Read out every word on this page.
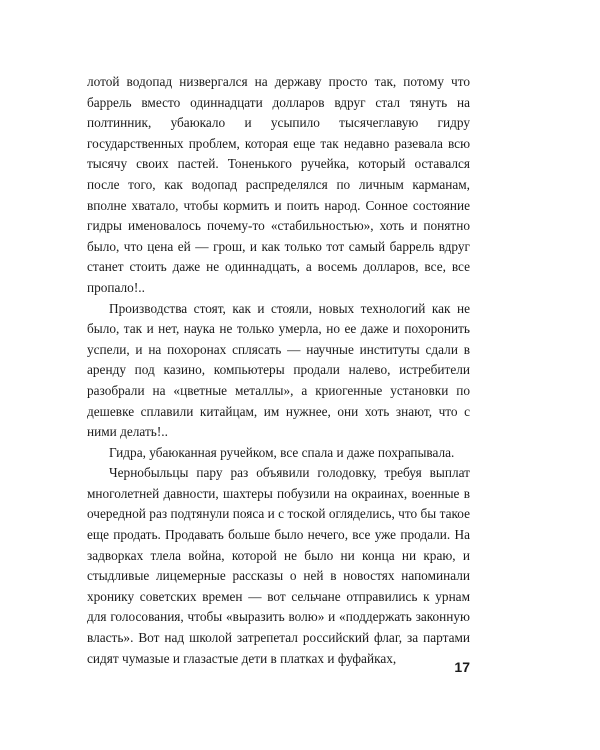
лотой водопад низвергался на державу просто так, потому что баррель вместо одиннадцати долларов вдруг стал тянуть на полтинник, убаюкало и усыпило тысячеглавую гидру государственных проблем, которая еще так недавно разевала всю тысячу своих пастей. Тоненького ручейка, который оставался после того, как водопад распределялся по личным карманам, вполне хватало, чтобы кормить и поить народ. Сонное состояние гидры именовалось почему-то «стабильностью», хоть и понятно было, что цена ей — грош, и как только тот самый баррель вдруг станет стоить даже не одиннадцать, а восемь долларов, все, все пропало!..

Производства стоят, как и стояли, новых технологий как не было, так и нет, наука не только умерла, но ее даже и похоронить успели, и на похоронах сплясать — научные институты сдали в аренду под казино, компьютеры продали налево, истребители разобрали на «цветные металлы», а криогенные установки по дешевке сплавили китайцам, им нужнее, они хоть знают, что с ними делать!..

Гидра, убаюканная ручейком, все спала и даже похрапывала.

Чернобыльцы пару раз объявили голодовку, требуя выплат многолетней давности, шахтеры побузили на окраинах, военные в очередной раз подтянули пояса и с тоской огляделись, что бы такое еще продать. Продавать больше было нечего, все уже продали. На задворках тлела война, которой не было ни конца ни краю, и стыдливые лицемерные рассказы о ней в новостях напоминали хронику советских времен — вот сельчане отправились к урнам для голосования, чтобы «выразить волю» и «поддержать законную власть». Вот над школой затрепетал российский флаг, за партами сидят чумазые и глазастые дети в платках и фуфайках,

17
